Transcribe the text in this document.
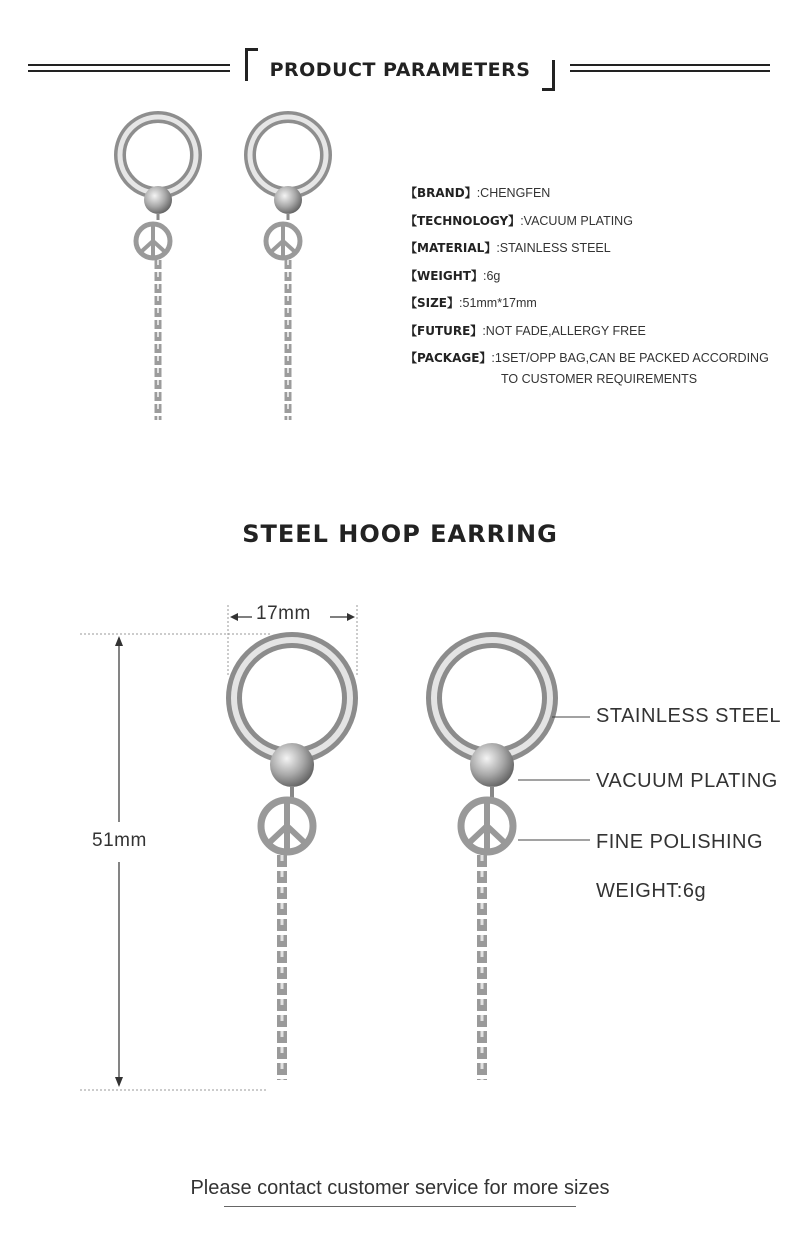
PRODUCT PARAMETERS
【BRAND】:CHENGFEN
【TECHNOLOGY】:VACUUM PLATING
【MATERIAL】:STAINLESS STEEL
【WEIGHT】:6g
【SIZE】:51mm*17mm
【FUTURE】:NOT FADE,ALLERGY FREE
【PACKAGE】:1SET/OPP BAG,CAN BE PACKED ACCORDING
TO CUSTOMER REQUIREMENTS
STEEL HOOP EARRING
17mm
51mm
STAINLESS STEEL
VACUUM PLATING
FINE POLISHING
WEIGHT:6g
Please contact customer service for more sizes
